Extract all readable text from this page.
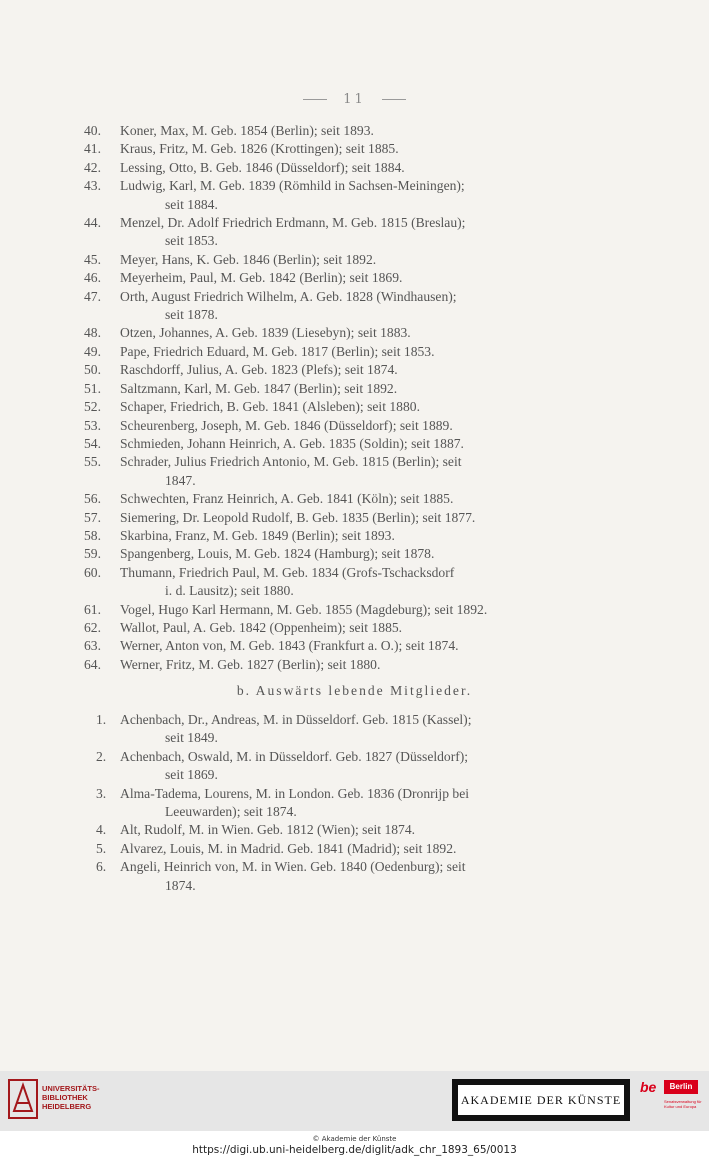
11
40.	Koner, Max, M. Geb. 1854 (Berlin); seit 1893.
41.	Kraus, Fritz, M. Geb. 1826 (Krottingen); seit 1885.
42.	Lessing, Otto, B. Geb. 1846 (Düsseldorf); seit 1884.
43.	Ludwig, Karl, M. Geb. 1839 (Römhild in Sachsen-Meiningen);
seit 1884.
44.	Menzel, Dr. Adolf Friedrich Erdmann, M. Geb. 1815 (Breslau);
seit 1853.
45.	Meyer, Hans, K. Geb. 1846 (Berlin); seit 1892.
46.	Meyerheim, Paul, M. Geb. 1842 (Berlin); seit 1869.
47.	Orth, August Friedrich Wilhelm, A. Geb. 1828 (Windhausen);
seit 1878.
48.	Otzen, Johannes, A. Geb. 1839 (Liesebyn); seit 1883.
49.	Pape, Friedrich Eduard, M. Geb. 1817 (Berlin); seit 1853.
50.	Raschdorff, Julius, A. Geb. 1823 (Plefs); seit 1874.
51.	Saltzmann, Karl, M. Geb. 1847 (Berlin); seit 1892.
52.	Schaper, Friedrich, B. Geb. 1841 (Alsleben); seit 1880.
53.	Scheurenberg, Joseph, M. Geb. 1846 (Düsseldorf); seit 1889.
54.	Schmieden, Johann Heinrich, A. Geb. 1835 (Soldin); seit 1887.
55.	Schrader, Julius Friedrich Antonio, M. Geb. 1815 (Berlin); seit
1847.
56.	Schwechten, Franz Heinrich, A. Geb. 1841 (Köln); seit 1885.
57.	Siemering, Dr. Leopold Rudolf, B. Geb. 1835 (Berlin); seit 1877.
58.	Skarbina, Franz, M. Geb. 1849 (Berlin); seit 1893.
59.	Spangenberg, Louis, M. Geb. 1824 (Hamburg); seit 1878.
60.	Thumann, Friedrich Paul, M. Geb. 1834 (Grofs-Tschacksdorf
i. d. Lausitz); seit 1880.
61.	Vogel, Hugo Karl Hermann, M. Geb. 1855 (Magdeburg); seit 1892.
62.	Wallot, Paul, A. Geb. 1842 (Oppenheim); seit 1885.
63.	Werner, Anton von, M. Geb. 1843 (Frankfurt a. O.); seit 1874.
64.	Werner, Fritz, M. Geb. 1827 (Berlin); seit 1880.
b. Auswärts lebende Mitglieder.
1.	Achenbach, Dr., Andreas, M. in Düsseldorf. Geb. 1815 (Kassel);
seit 1849.
2.	Achenbach, Oswald, M. in Düsseldorf. Geb. 1827 (Düsseldorf);
seit 1869.
3.	Alma-Tadema, Lourens, M. in London. Geb. 1836 (Dronrijp bei
Leeuwarden); seit 1874.
4.	Alt, Rudolf, M. in Wien. Geb. 1812 (Wien); seit 1874.
5.	Alvarez, Louis, M. in Madrid. Geb. 1841 (Madrid); seit 1892.
6.	Angeli, Heinrich von, M. in Wien. Geb. 1840 (Oedenburg); seit
1874.
UNIVERSITÄTS-
BIBLIOTHEK
HEIDELBERG	AKADEMIE DER KÜNSTE
be	Berlin
Senatsverwaltung für Kultur und Europa
© Akademie der Künste
https://digi.ub.uni-heidelberg.de/diglit/adk_chr_1893_65/0013
